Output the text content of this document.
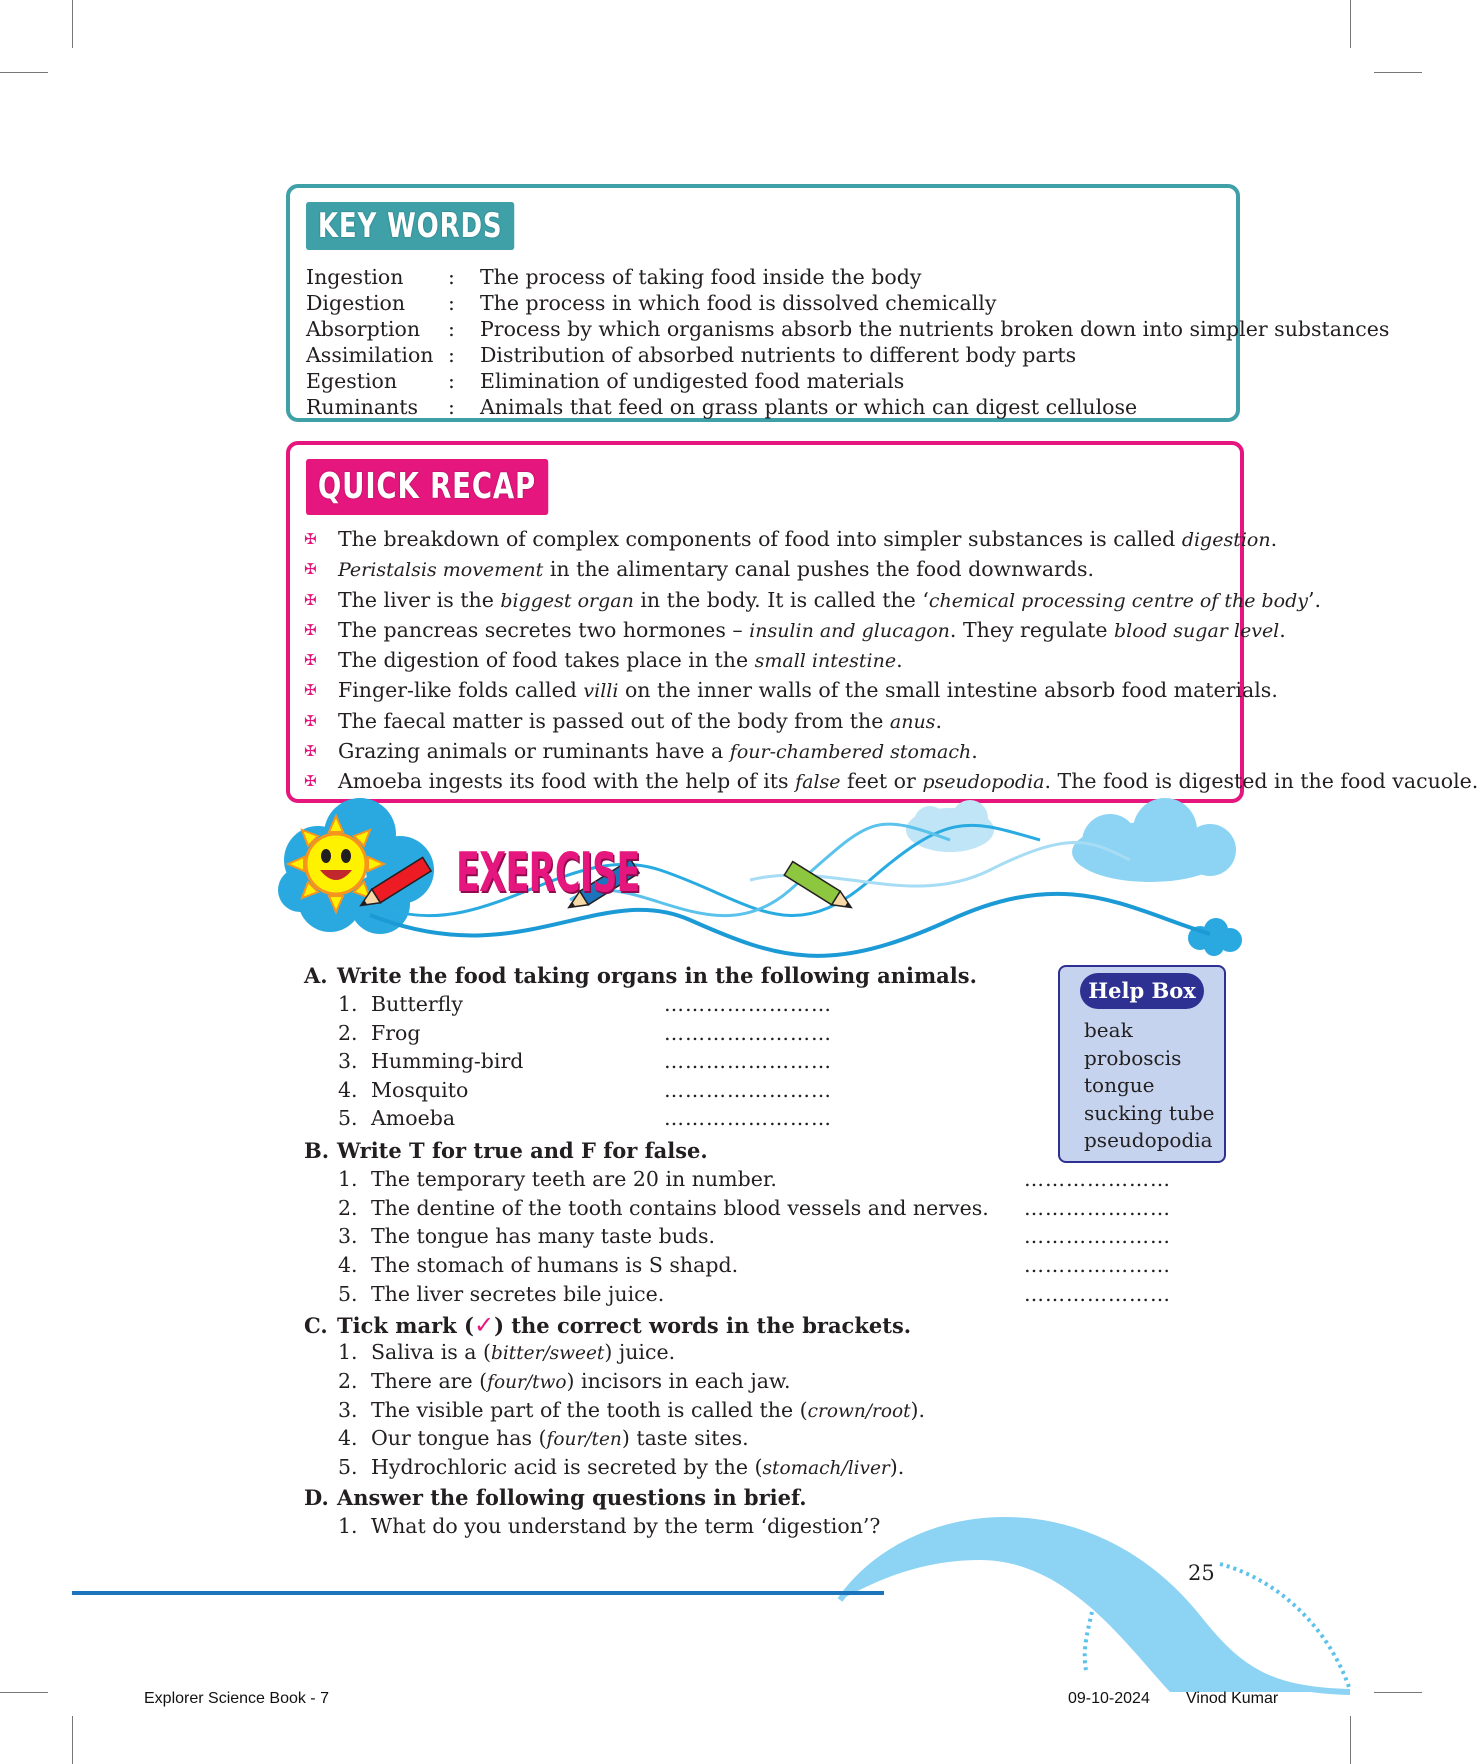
KEY WORDS
Ingestion	:	The process of taking food inside the body
Digestion	:	The process in which food is dissolved chemically
Absorption	:	Process by which organisms absorb the nutrients broken down into simpler substances
Assimilation :	Distribution of absorbed nutrients to different body parts
Egestion	:	Elimination of undigested food materials
Ruminants	:	Animals that feed on grass plants or which can digest cellulose
QUICK RECAP
✠	The breakdown of complex components of food into simpler substances is called digestion.
✠	Peristalsis movement in the alimentary canal pushes the food downwards.
✠	The liver is the biggest organ in the body. It is called the ‘chemical processing centre of the body’.
✠	The pancreas secretes two hormones – insulin and glucagon. They regulate blood sugar level.
✠	The digestion of food takes place in the small intestine.
✠	Finger-like folds called villi on the inner walls of the small intestine absorb food materials.
✠	The faecal matter is passed out of the body from the anus.
✠	Grazing animals or ruminants have a four-chambered stomach.
✠	Amoeba ingests its food with the help of its false feet or pseudopodia. The food is digested in the food vacuole.
EXERCISE
A. Write the food taking organs in the following animals.
1. Butterfly	……………………
2. Frog	……………………
3. Humming-bird	……………………
4. Mosquito	……………………
5. Amoeba	……………………
Help Box
beak
proboscis
tongue
sucking tube
pseudopodia
B. Write T for true and F for false.
1. The temporary teeth are 20 in number.	…………………
2. The dentine of the tooth contains blood vessels and nerves. …………………
3. The tongue has many taste buds.	…………………
4. The stomach of humans is S shapd.	…………………
5. The liver secretes bile juice.	…………………
C. Tick mark (✓) the correct words in the brackets.
1. Saliva is a (bitter/sweet) juice.
2. There are (four/two) incisors in each jaw.
3. The visible part of the tooth is called the (crown/root).
4. Our tongue has (four/ten) taste sites.
5. Hydrochloric acid is secreted by the (stomach/liver).
D. Answer the following questions in brief.
1. What do you understand by the term ‘digestion’?
25
Explorer Science Book - 7	09-10-2024 Vinod Kumar
